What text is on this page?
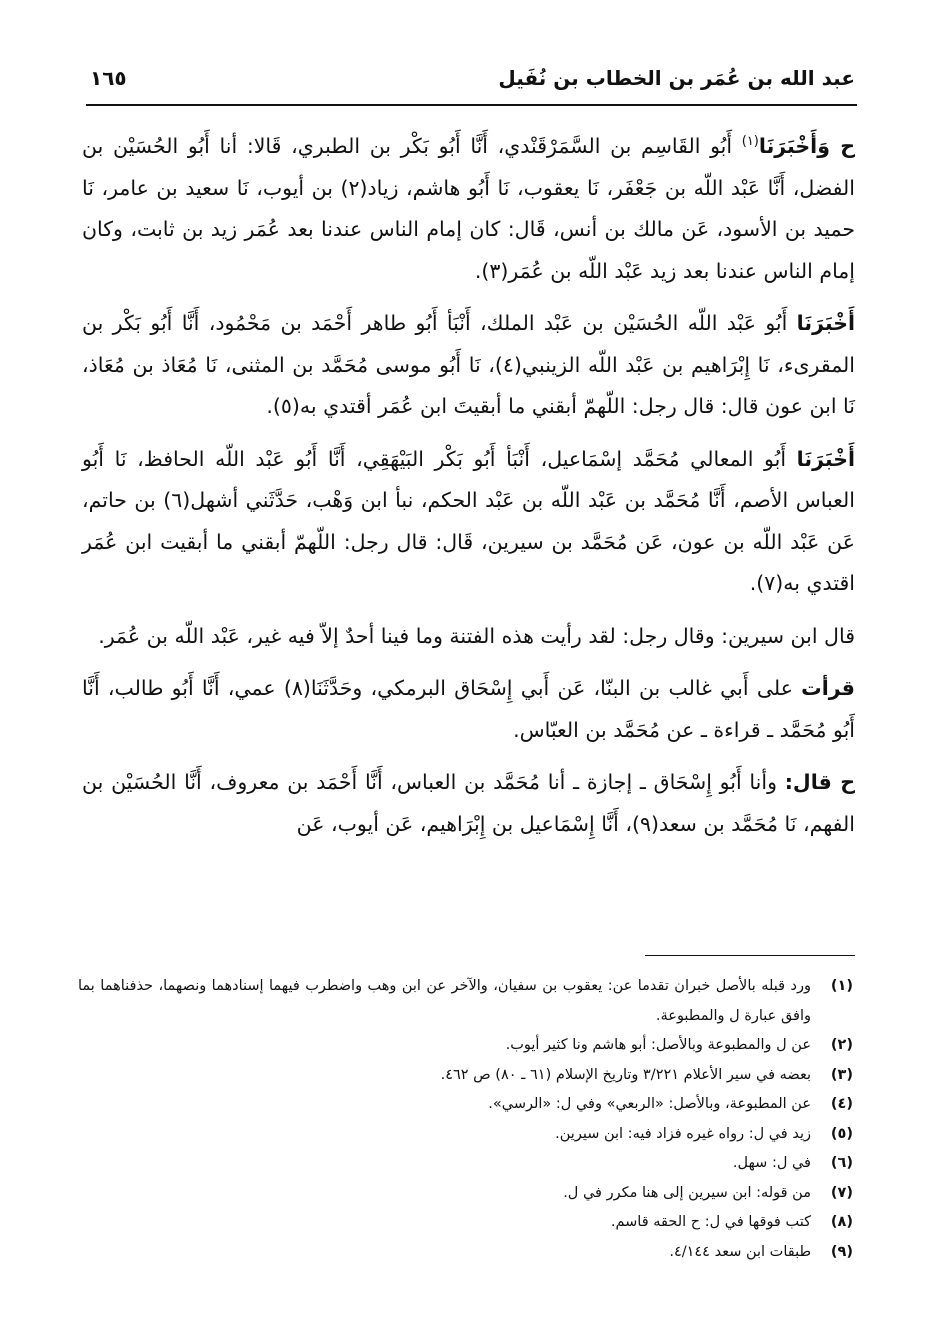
عبد الله بن عُمَر بن الخطاب بن نُفَيل
١٦٥

ح وَأَخْبَرَنَا$^{(١)}$ أَبُو القَاسِم بن السَّمَرْقَنْدي، أَنَّا أَبُو بَكْر بن الطبري، قَالا: أنا أَبُو الحُسَيْن بن الفضل، أَنَّا عَبْد اللّه بن جَعْفَر، نَا يعقوب، نَا أَبُو هاشم، زياد(٢) بن أيوب، نَا سعيد بن عامر، نَا حميد بن الأسود، عَن مالك بن أنس، قَال: كان إمام الناس عندنا بعد عُمَر زيد بن ثابت، وكان إمام الناس عندنا بعد زيد عَبْد اللّه بن عُمَر(٣).

أَخْبَرَنَا أَبُو عَبْد اللّه الحُسَيْن بن عَبْد الملك، أَنْبَأ أَبُو طاهر أَحْمَد بن مَحْمُود، أَنَّا أَبُو بَكْر بن المقرىء، نَا إِبْرَاهيم بن عَبْد اللّه الزينبي(٤)، نَا أَبُو موسى مُحَمَّد بن المثنى، نَا مُعَاذ بن مُعَاذ، نَا ابن عون قال: قال رجل: اللّهمّ أبقني ما أبقيتَ ابن عُمَر أقتدي به(٥).

أَخْبَرَنَا أَبُو المعالي مُحَمَّد إسْمَاعيل، أَنْبَأ أَبُو بَكْر البَيْهَقِي، أَنَّا أَبُو عَبْد اللّه الحافظ، نَا أَبُو العباس الأصم، أَنَّا مُحَمَّد بن عَبْد اللّه بن عَبْد الحكم، نبأ ابن وَهْب، حَدَّثَني أشهل(٦) بن حاتم، عَن عَبْد اللّه بن عون، عَن مُحَمَّد بن سيرين، قَال: قال رجل: اللّهمّ أبقني ما أبقيت ابن عُمَر اقتدي به(٧).

قال ابن سيرين: وقال رجل: لقد رأيت هذه الفتنة وما فينا أحدٌ إلاّ فيه غير، عَبْد اللّه بن عُمَر.

قرأت على أَبي غالب بن البنّا، عَن أَبي إِسْحَاق البرمكي، وحَدَّثَنَا(٨) عمي، أَنَّا أَبُو طالب، أَنَّا أَبُو مُحَمَّد ـ قراءة ـ عن مُحَمَّد بن العبّاس.

ح قال: وأنا أَبُو إِسْحَاق ـ إجازة ـ أنا مُحَمَّد بن العباس، أَنَّا أَحْمَد بن معروف، أَنَّا الحُسَيْن بن الفهم، نَا مُحَمَّد بن سعد(٩)، أَنَّا إِسْمَاعيل بن إِبْرَاهيم، عَن أيوب، عَن

(١)
ورد قبله بالأصل خبران تقدما عن: يعقوب بن سفيان، والآخر عن ابن وهب واضطرب فيهما إسنادهما ونصهما، حذفناهما بما وافق عبارة ل والمطبوعة.
(٢)
عن ل والمطبوعة وبالأصل: أبو هاشم ونا كثير أيوب.
(٣)
بعضه في سير الأعلام ٣/٢٢١ وتاريخ الإسلام (٦١ ـ ٨٠) ص ٤٦٢.
(٤)
عن المطبوعة، وبالأصل: «الربعي» وفي ل: «الرسي».
(٥)
زيد في ل: رواه غيره فزاد فيه: ابن سيرين.
(٦)
في ل: سهل.
(٧)
من قوله: ابن سيرين إلى هنا مكرر في ل.
(٨)
كتب فوقها في ل: ح الحقه قاسم.
(٩)
طبقات ابن سعد ٤/١٤٤.
